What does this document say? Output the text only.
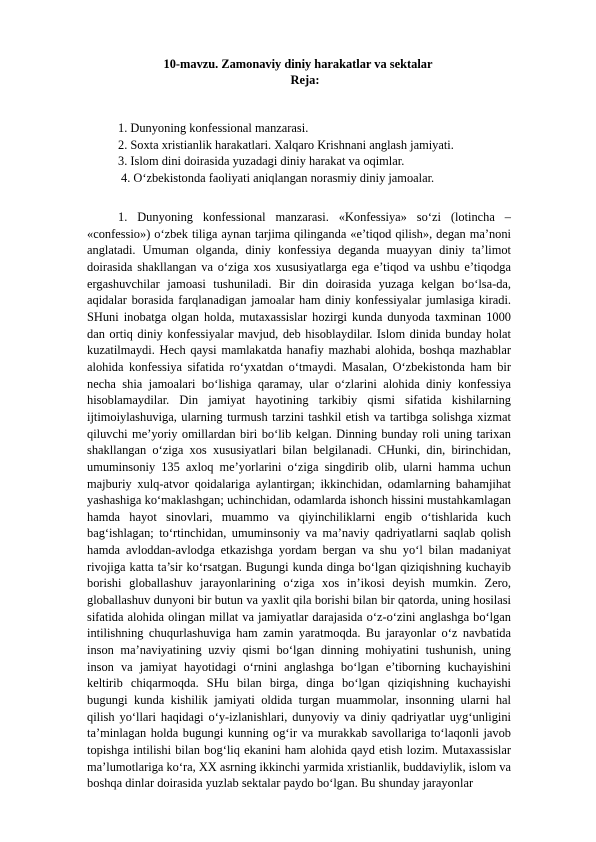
10-mavzu. Zamonaviy diniy harakatlar va sektalar
Reja:
1. Dunyoning konfessional manzarasi.
2. Soxta xristianlik harakatlari. Xalqaro Krishnani anglash jamiyati.
3. Islom dini doirasida yuzadagi diniy harakat va oqimlar.
4. O‘zbekistonda faoliyati aniqlangan norasmiy diniy jamoalar.

1. Dunyoning konfessional manzarasi. «Konfessiya» so‘zi (lotincha – «confessio») o‘zbek tiliga aynan tarjima qilinganda «e’tiqod qilish», degan ma’noni anglatadi. Umuman olganda, diniy konfessiya deganda muayyan diniy ta’limot doirasida shakllangan va o‘ziga xos xususiyatlarga ega e’tiqod va ushbu e’tiqodga ergashuvchilar jamoasi tushuniladi. Bir din doirasida yuzaga kelgan bo‘lsa-da, aqidalar borasida farqlanadigan jamoalar ham diniy konfessiyalar jumlasiga kiradi. SHuni inobatga olgan holda, mutaxassislar hozirgi kunda dunyoda taxminan 1000 dan ortiq diniy konfessiyalar mavjud, deb hisoblaydilar. Islom dinida bunday holat kuzatilmaydi. Hech qaysi mamlakatda hanafiy mazhabi alohida, boshqa mazhablar alohida konfessiya sifatida ro‘yxatdan o‘tmaydi. Masalan, O‘zbekistonda ham bir necha shia jamoalari bo‘lishiga qaramay, ular o‘zlarini alohida diniy konfessiya hisoblamaydilar. Din jamiyat hayotining tarkibiy qismi sifatida kishilarning ijtimoiylashuviga, ularning turmush tarzini tashkil etish va tartibga solishga xizmat qiluvchi me’yoriy omillardan biri bo‘lib kelgan. Dinning bunday roli uning tarixan shakllangan o‘ziga xos xususiyatlari bilan belgilanadi. CHunki, din, birinchidan, umuminsoniy 135 axloq me’yorlarini o‘ziga singdirib olib, ularni hamma uchun majburiy xulq-atvor qoidalariga aylantirgan; ikkinchidan, odamlarning bahamjihat yashashiga ko‘maklashgan; uchinchidan, odamlarda ishonch hissini mustahkamlagan hamda hayot sinovlari, muammo va qiyinchiliklarni engib o‘tishlarida kuch bag‘ishlagan; to‘rtinchidan, umuminsoniy va ma’naviy qadriyatlarni saqlab qolish hamda avloddan-avlodga etkazishga yordam bergan va shu yo‘l bilan madaniyat rivojiga katta ta’sir ko‘rsatgan. Bugungi kunda dinga bo‘lgan qiziqishning kuchayib borishi globallashuv jarayonlarining o‘ziga xos in’ikosi deyish mumkin. Zero, globallashuv dunyoni bir butun va yaxlit qila borishi bilan bir qatorda, uning hosilasi sifatida alohida olingan millat va jamiyatlar darajasida o‘z-o‘zini anglashga bo‘lgan intilishning chuqurlashuviga ham zamin yaratmoqda. Bu jarayonlar o‘z navbatida inson ma’naviyatining uzviy qismi bo‘lgan dinning mohiyatini tushunish, uning inson va jamiyat hayotidagi o‘rnini anglashga bo‘lgan e’tiborning kuchayishini keltirib chiqarmoqda. SHu bilan birga, dinga bo‘lgan qiziqishning kuchayishi bugungi kunda kishilik jamiyati oldida turgan muammolar, insonning ularni hal qilish yo‘llari haqidagi o‘y-izlanishlari, dunyoviy va diniy qadriyatlar uyg‘unligini ta’minlagan holda bugungi kunning og‘ir va murakkab savollariga to‘laqonli javob topishga intilishi bilan bog‘liq ekanini ham alohida qayd etish lozim. Mutaxassislar ma’lumotlariga ko‘ra, XX asrning ikkinchi yarmida xristianlik, buddaviylik, islom va boshqa dinlar doirasida yuzlab sektalar paydo bo‘lgan. Bu shunday jarayonlar
